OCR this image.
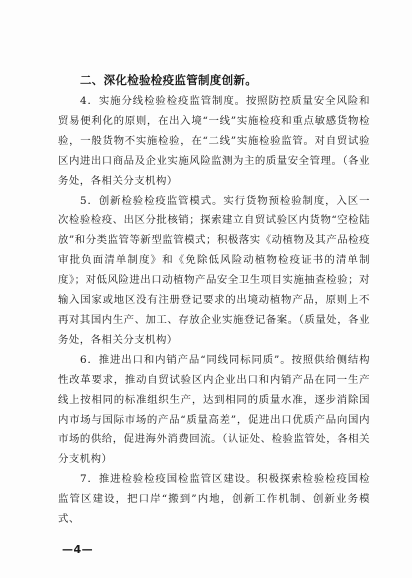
二、深化检验检疫监管制度创新。

4．实施分线检验检疫监管制度。按照防控质量安全风险和贸易便利化的原则，在出入境“一线”实施检疫和重点敏感货物检验，一般货物不实施检验，在“二线”实施检验监管。对自贸试验区内进出口商品及企业实施风险监测为主的质量安全管理。（各业务处，各相关分支机构）

5．创新检验检疫监管模式。实行货物预检验制度，入区一次检验检疫、出区分批核销；探索建立自贸试验区内货物“空检陆放”和分类监管等新型监管模式；积极落实《动植物及其产品检疫审批负面清单制度》和《免除低风险动植物检疫证书的清单制度》；对低风险进出口动植物产品安全卫生项目实施抽查检验；对输入国家或地区没有注册登记要求的出境动植物产品，原则上不再对其国内生产、加工、存放企业实施登记备案。（质量处，各业务处，各相关分支机构）

6．推进出口和内销产品“同线同标同质”。按照供给侧结构性改革要求，推动自贸试验区内企业出口和内销产品在同一生产线上按相同的标准组织生产，达到相同的质量水准，逐步消除国内市场与国际市场的产品“质量高差”，促进出口优质产品向国内市场的供给，促进海外消费回流。（认证处、检验监管处，各相关分支机构）

7．推进检验检疫国检监管区建设。积极探索检验检疫国检监管区建设，把口岸“搬到”内地，创新工作机制、创新业务模式、

—4—
